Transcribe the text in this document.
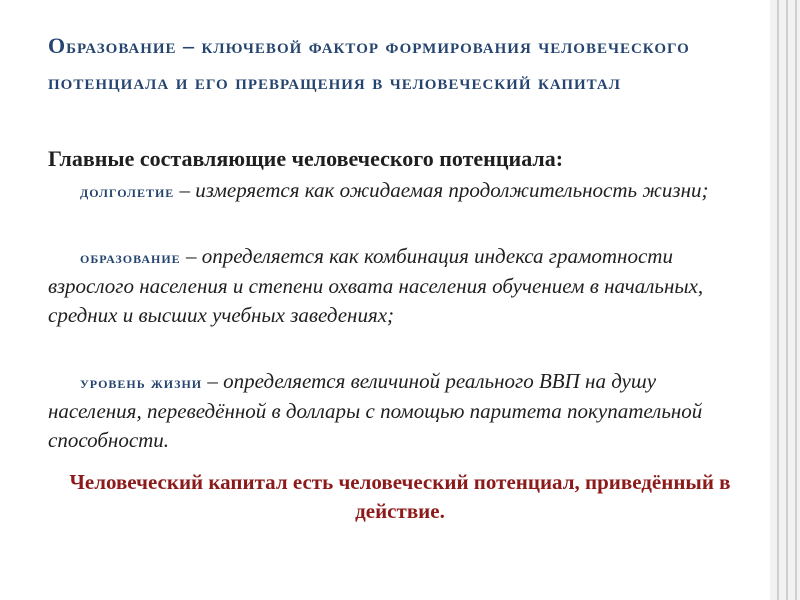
Образование – ключевой фактор формирования человеческого потенциала и его превращения в человеческий капитал
Главные составляющие человеческого потенциала:
долголетие – измеряется как ожидаемая продолжительность жизни;
образование – определяется как комбинация индекса грамотности взрослого населения и степени охвата населения обучением в начальных, средних и высших учебных заведениях;
уровень жизни – определяется величиной реального ВВП на душу населения, переведённой в доллары с помощью паритета покупательной способности.
Человеческий капитал есть человеческий потенциал, приведённый в действие.
